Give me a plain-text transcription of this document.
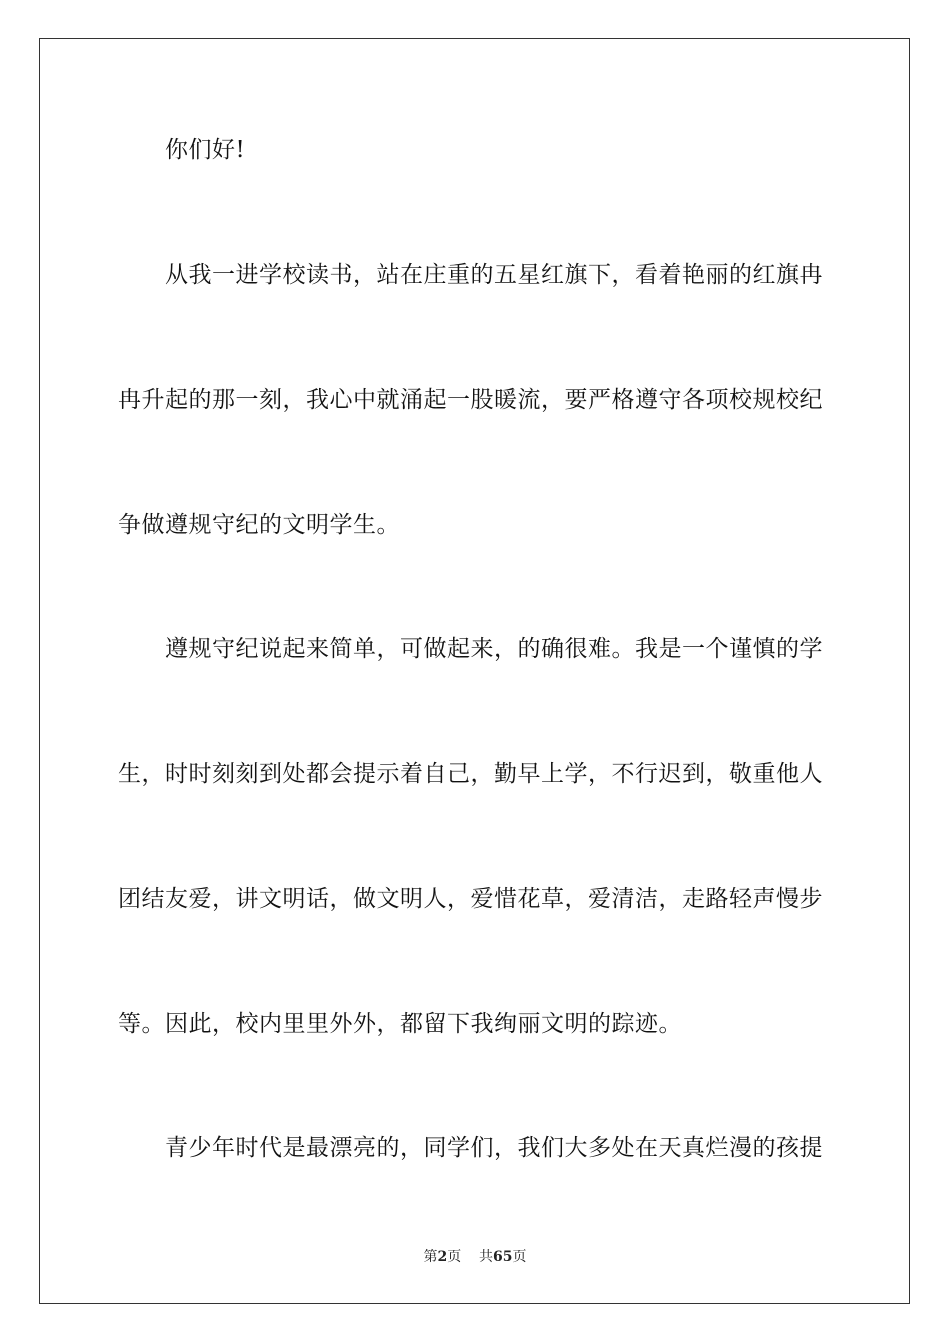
你们好!
从我一进学校读书，站在庄重的五星红旗下，看着艳丽的红旗冉
冉升起的那一刻，我心中就涌起一股暖流，要严格遵守各项校规校纪
争做遵规守纪的文明学生。
遵规守纪说起来简单，可做起来，的确很难。我是一个谨慎的学
生，时时刻刻到处都会提示着自己，勤早上学，不行迟到，敬重他人
团结友爱，讲文明话，做文明人，爱惜花草，爱清洁，走路轻声慢步
等。因此，校内里里外外，都留下我绚丽文明的踪迹。
青少年时代是最漂亮的，同学们，我们大多处在天真烂漫的孩提
第2页 共65页
